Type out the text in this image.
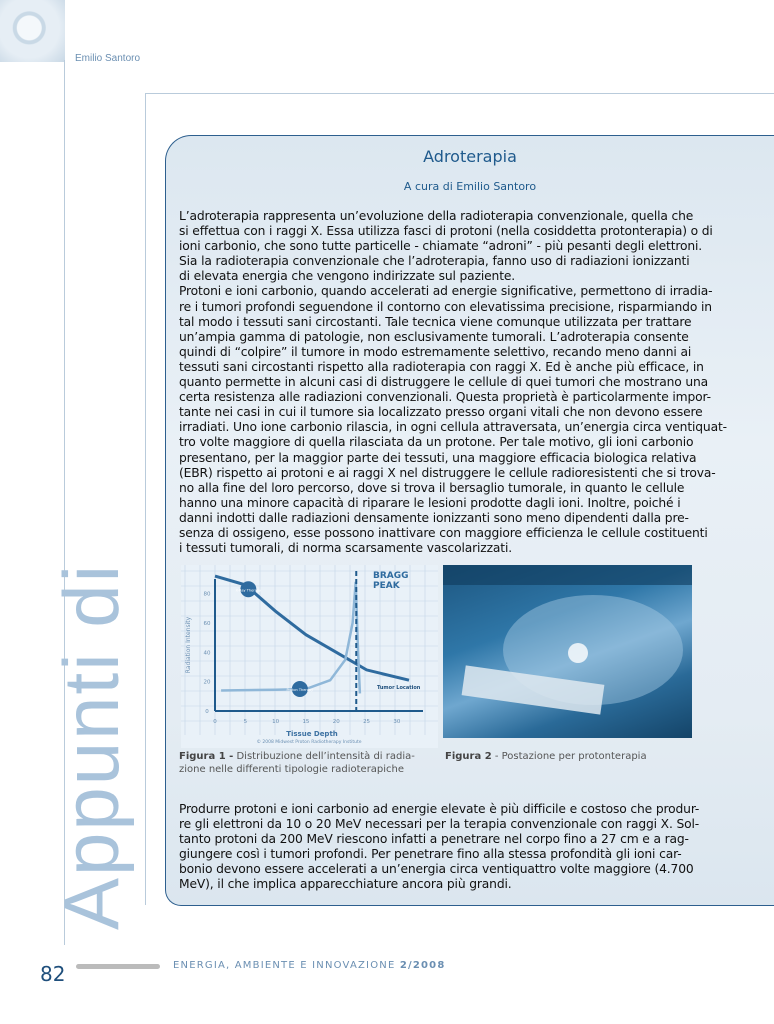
Emilio Santoro
Adroterapia
A cura di Emilio Santoro
L’adroterapia rappresenta un’evoluzione della radioterapia convenzionale, quella che
si effettua con i raggi X. Essa utilizza fasci di protoni (nella cosiddetta protonterapia) o di
ioni carbonio, che sono tutte particelle - chiamate “adroni” - più pesanti degli elettroni.
Sia la radioterapia convenzionale che l’adroterapia, fanno uso di radiazioni ionizzanti
di elevata energia che vengono indirizzate sul paziente.
Protoni e ioni carbonio, quando accelerati ad energie significative, permettono di irradia-
re i tumori profondi seguendone il contorno con elevatissima precisione, risparmiando in
tal modo i tessuti sani circostanti. Tale tecnica viene comunque utilizzata per trattare
un’ampia gamma di patologie, non esclusivamente tumorali. L’adroterapia consente
quindi di “colpire” il tumore in modo estremamente selettivo, recando meno danni ai
tessuti sani circostanti rispetto alla radioterapia con raggi X. Ed è anche più efficace, in
quanto permette in alcuni casi di distruggere le cellule di quei tumori che mostrano una
certa resistenza alle radiazioni convenzionali. Questa proprietà è particolarmente impor-
tante nei casi in cui il tumore sia localizzato presso organi vitali che non devono essere
irradiati. Uno ione carbonio rilascia, in ogni cellula attraversata, un’energia circa ventiquat-
tro volte maggiore di quella rilasciata da un protone. Per tale motivo, gli ioni carbonio
presentano, per la maggior parte dei tessuti, una maggiore efficacia biologica relativa
(EBR) rispetto ai protoni e ai raggi X nel distruggere le cellule radioresistenti che si trova-
no alla fine del loro percorso, dove si trova il bersaglio tumorale, in quanto le cellule
hanno una minore capacità di riparare le lesioni prodotte dagli ioni. Inoltre, poiché i
danni indotti dalle radiazioni densamente ionizzanti sono meno dipendenti dalla pre-
senza di ossigeno, esse possono inattivare con maggiore efficienza le cellule costituenti
i tessuti tumorali, di norma scarsamente vascolarizzati.
0	5	10	15	20	25	30
0
20
40
60
80
Tissue Depth
Radiation Intensity
X-Ray Therapy
Proton Therapy
BRAGG
PEAK
Tumor Location
© 2008 Midwest Proton Radiotherapy Institute
Figura 1 - Distribuzione dell’intensità di radia-
zione nelle differenti tipologie radioterapiche
Figura 2 - Postazione per protonterapia
Produrre protoni e ioni carbonio ad energie elevate è più difficile e costoso che produr-
re gli elettroni da 10 o 20 MeV necessari per la terapia convenzionale con raggi X. Sol-
tanto protoni da 200 MeV riescono infatti a penetrare nel corpo fino a 27 cm e a rag-
giungere così i tumori profondi. Per penetrare fino alla stessa profondità gli ioni car-
bonio devono essere accelerati a un’energia circa ventiquattro volte maggiore (4.700
MeV), il che implica apparecchiature ancora più grandi.
Appunti di
82	ENERGIA, AMBIENTE E INNOVAZIONE 2/2008
